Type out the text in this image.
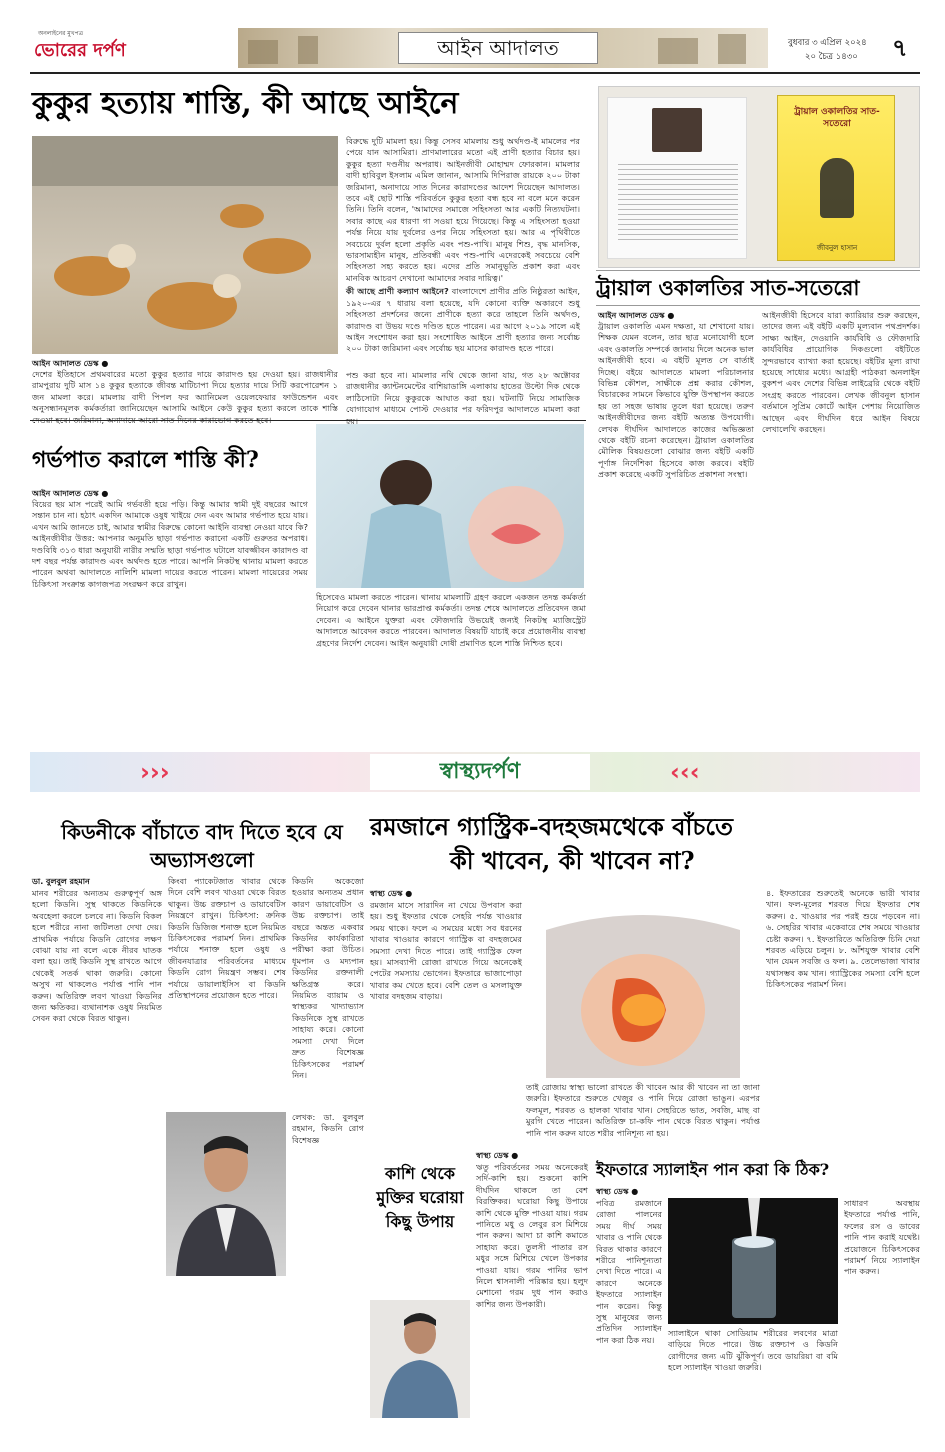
অনলাইনের মুখপত্র
ভোরের দর্পণ	আইন আদালত	বুধবার ৩ এপ্রিল ২০২৪
২০ চৈত্র ১৪৩০ ৭
কুকুর হত্যায় শাস্তি, কী আছে আইনে
আইন আদালত ডেস্ক ●
দেশের ইতিহাসে প্রথমবারের মতো কুকুর হত্যার দায়ে কারাদণ্ড হয় দেওয়া হয়। রাজধানীর রামপুরায় দুটি মাস ১৪ কুকুর হত্যাকে জীবন্ত মাটিচাপা দিয়ে হত্যার দায়ে সিটি করপোরেশন ১ জন মামলা করে। মামলায় বাদী পিপল ফর অ্যানিমেল ওয়েলফেয়ার ফাউন্ডেশন এবং অনুসন্ধানমূলক কর্মকর্তারা জানিয়েছেন আসামি আইনে কেউ কুকুর হত্যা করলে তাকে শাস্তি

বিরুদ্ধে দুটি মামলা হয়। কিন্তু সেসব মামলায় শুধু অর্থদণ্ড-ই মামলের পর পেয়ে যান আসামিরা। প্রাণমালারের মতো এই প্রাণী হত্যার বিচার হয়। কুকুর হত্যা দণ্ডনীয় অপরাধ। আইনজীবী মোহাম্মদ ফোরকান। মামলার বাদী হাবিবুল ইসলাম এমিল জানান, আসামি দিপিরাজ রায়কে ২০০ টাকা জরিমানা, অনাদায়ে সাত দিনের কারাদণ্ডের আদেশ দিয়েছেন আদালত। তবে এই ছোট শাস্তি পরিবর্তনে কুকুর হত্যা বন্ধ হবে না বলে মনে করেন তিনি। তিনি বলেন, 'আমাদের সমাজে সহিংসতা আর একটি নিত্যঘটনা। সবার কাছে এর ধারণা গা সওয়া হয়ে গিয়েছে। কিন্তু এ সহিংসতা হওয়া পর্যন্ত নিয়ে যায় দুর্বলের ওপর নিয়ে সহিংসতা হয়। আর এ পৃথিবীতে সবচেয়ে দুর্বল হলো প্রকৃতি এবং পশু-পাখি। মানুষ শিশু, বৃদ্ধ মানসিক, ভারসাম্যহীন মানুষ, প্রতিবন্ধী এবং পশু-পাখি এদেরকেই সবচেয়ে বেশি সহিংসতা সহ্য করতে হয়। এদের প্রতি সমানুভূতি প্রকাশ করা এবং মানবিক আচরণ দেখানো আমাদের সবার দায়িত্ব।'

কী আছে প্রাণী কল্যাণ আইনে? বাংলাদেশে প্রাণীর প্রতি নিষ্ঠুরতা আইন, ১৯২০-এর ৭ ধারায় বলা হয়েছে, যদি কোনো ব্যক্তি অকারণে শুধু সহিংসতা প্রদর্শনের জন্যে প্রাণীকে হত্যা করে তাহলে তিনি অর্থদণ্ড, কারাদণ্ড বা উভয় দণ্ডে দণ্ডিত হতে পারেন। এর আগে ২০১৯ সালে এই আইন সংশোধন করা হয়। সংশোধিত আইনে প্রাণী হত্যার জন্য সর্বোচ্চ ২০০ টাকা জরিমানা এবং সর্বোচ্চ ছয় মাসের কারাদণ্ড হতে পারে।

পশু করা হবে না। মামলার নথি থেকে জানা যায়, গত ২৮ অক্টোবর রাজধানীর ক্যান্টনমেন্টের বাশিয়াডাঙ্গি এলাকায় হাতের উল্টো দিক থেকে লাঠিসোটা নিয়ে কুকুরকে আঘাত করা হয়। ঘটনাটি নিয়ে সামাজিক যোগাযোগ মাধ্যমে পোস্ট দেওয়ার পর ফরিদপুর আদালতে মামলা করা
ট্রায়াল ওকালতির সাত-সতেরো
জীবনুল হাসান
ট্রায়াল ওকালতির সাত-সতেরো
আইন আদালত ডেস্ক ●
ট্রায়াল ওকালতি এমন দক্ষতা, যা শেখানো যায়। শিক্ষক যেমন বলেন, তার ছাত্র মনোযোগী হলে এবং ওকালতি সম্পর্কে জানায় দিলে অনেক ভাল আইনজীবী হবে। এ বইটি মূলত সে বার্তাই দিচ্ছে। বইয়ে আদালতে মামলা পরিচালনার বিভিন্ন কৌশল, সাক্ষীকে প্রশ্ন করার কৌশল, বিচারকের সামনে কিভাবে যুক্তি উপস্থাপন করতে হয় তা সহজ ভাষায় তুলে ধরা হয়েছে। তরুণ আইনজীবীদের জন্য বইটি অত্যন্ত উপযোগী। লেখক দীর্ঘদিন আদালতে কাজের অভিজ্ঞতা থেকে বইটি রচনা করেছেন। ট্রায়াল ওকালতির মৌলিক বিষয়গুলো বোঝার জন্য বইটি একটি পূর্ণাঙ্গ নির্দেশিকা হিসেবে কাজ করবে। বইটি প্রকাশ করেছে একটি সুপরিচিত প্রকাশনা সংস্থা।
আইনজীবী হিসেবে যারা ক্যারিয়ার শুরু করছেন, তাদের জন্য এই বইটি একটি মূল্যবান পথপ্রদর্শক। সাক্ষ্য আইন, দেওয়ানি কার্যবিধি ও ফৌজদারি কার্যবিধির প্রায়োগিক দিকগুলো বইটিতে সুন্দরভাবে ব্যাখ্যা করা হয়েছে। বইটির মূল্য রাখা হয়েছে সাধ্যের মধ্যে। আগ্রহী পাঠকরা অনলাইন বুকশপ এবং দেশের বিভিন্ন লাইব্রেরি থেকে বইটি সংগ্রহ করতে পারবেন। লেখক জীবনুল হাসান বর্তমানে সুপ্রিম কোর্টে আইন পেশায় নিয়োজিত আছেন এবং দীর্ঘদিন ধরে আইন বিষয়ে লেখালেখি করছেন।
গর্ভপাত করালে শাস্তি কী?
আইন আদালত ডেস্ক ●
বিয়ের ছয় মাস পরেই আমি গর্ভবতী হয়ে পড়ি। কিন্তু আমার স্বামী দুই বছরের আগে সন্তান চান না। হঠাৎ একদিন আমাকে ওষুধ খাইয়ে দেন এবং আমার গর্ভপাত হয়ে যায়। এখন আমি জানতে চাই, আমার স্বামীর বিরুদ্ধে কোনো আইনি ব্যবস্থা নেওয়া যাবে কি? আইনজীবীর উত্তর: আপনার অনুমতি ছাড়া গর্ভপাত করানো একটি গুরুতর অপরাধ। দণ্ডবিধি ৩১৩ ধারা অনুযায়ী নারীর সম্মতি ছাড়া গর্ভপাত ঘটালে যাবজ্জীবন কারাদণ্ড বা দশ বছর পর্যন্ত কারাদণ্ড এবং অর্থদণ্ড হতে পারে। আপনি নিকটস্থ থানায় মামলা করতে পারেন অথবা আদালতে নালিশি মামলা দায়ের করতে পারেন। মামলা দায়েরের সময় চিকিৎসা সংক্রান্ত কাগজপত্র সংরক্ষণ করে রাখুন।
হিসেবেও মামলা করতে পারেন। থানায় মামলাটি গ্রহণ করলে একজন তদন্ত কর্মকর্তা নিয়োগ করে দেবেন থানার ভারপ্রাপ্ত কর্মকর্তা। তদন্ত শেষে আদালতে প্রতিবেদন জমা দেবেন। এ আইনে যুক্তরা এবং ফৌজদারি উভয়েই জন্যই নিকটস্থ ম্যাজিস্ট্রেট আদালতে আবেদন করতে পারবেন। আদালত বিষয়টি যাচাই করে প্রয়োজনীয় ব্যবস্থা গ্রহণের নির্দেশ দেবেন। আইন অনুযায়ী দোষী প্রমাণিত হলে শাস্তি নিশ্চিত হবে।
›››	‹‹‹
স্বাস্থ্যদর্পণ
কিডনীকে বাঁচাতে বাদ দিতে হবে যে অভ্যাসগুলো
ডা. বুলবুল রহমান
মানব শরীরের অন্যতম গুরুত্বপূর্ণ অঙ্গ হলো কিডনি। সুস্থ থাকতে কিডনিকে অবহেলা করলে চলবে না। কিডনি বিকল হলে শরীরে নানা জটিলতা দেখা দেয়। প্রাথমিক পর্যায়ে কিডনি রোগের লক্ষণ বোঝা যায় না বলে একে নীরব ঘাতক বলা হয়। তাই কিডনি সুস্থ রাখতে আগে থেকেই সতর্ক থাকা জরুরি। কোনো অসুখ না থাকলেও পর্যাপ্ত পানি পান করুন। অতিরিক্ত লবণ খাওয়া কিডনির জন্য ক্ষতিকর। ব্যথানাশক ওষুধ নিয়মিত সেবন করা থেকে বিরত থাকুন।
কিংবা প্যাকেটজাত খাবার থেকে দিনে বেশি লবণ খাওয়া থেকে বিরত থাকুন। উচ্চ রক্তচাপ ও ডায়াবেটিস নিয়ন্ত্রণে রাখুন। চিকিৎসা: ক্রনিক কিডনি ডিজিজ শনাক্ত হলে নিয়মিত চিকিৎসকের পরামর্শ নিন। প্রাথমিক পর্যায়ে শনাক্ত হলে ওষুধ ও জীবনযাত্রার পরিবর্তনের মাধ্যমে কিডনি রোগ নিয়ন্ত্রণ সম্ভব। শেষ পর্যায়ে ডায়ালাইসিস বা কিডনি প্রতিস্থাপনের প্রয়োজন হতে পারে।
কিডনি অকেজো হওয়ার অন্যতম প্রধান কারণ ডায়াবেটিস ও উচ্চ রক্তচাপ। তাই বছরে অন্তত একবার কিডনির কার্যকারিতা পরীক্ষা করা উচিত। ধূমপান ও মদ্যপান কিডনির রক্তনালী ক্ষতিগ্রস্ত করে। নিয়মিত ব্যায়াম ও স্বাস্থ্যকর খাদ্যাভ্যাস কিডনিকে সুস্থ রাখতে সাহায্য করে। কোনো সমস্যা দেখা দিলে দ্রুত বিশেষজ্ঞ চিকিৎসকের পরামর্শ নিন।
লেখক: ডা. বুলবুল রহমান, কিডনি রোগ বিশেষজ্ঞ
রমজানে গ্যাস্ট্রিক-বদহজমথেকে বাঁচতে
কী খাবেন, কী খাবেন না?
স্বাস্থ্য ডেস্ক ●
রমজান মাসে সারাদিন না খেয়ে উপবাস করা হয়। শুধু ইফতার থেকে সেহরি পর্যন্ত খাওয়ার সময় থাকে। ফলে এ সময়ের মধ্যে সব ধরনের খাবার খাওয়ার কারণে গ্যাস্ট্রিক বা বদহজমের সমস্যা দেখা দিতে পারে। তাই গ্যাস্ট্রিক ফেল হয়। মাসব্যাপী রোজা রাখতে গিয়ে অনেকেই পেটের সমস্যায় ভোগেন। ইফতারে ভাজাপোড়া খাবার কম খেতে হবে। বেশি তেল ও মসলাযুক্ত খাবার বদহজম বাড়ায়।
তাই রোজায় স্বাস্থ্য ভালো রাখতে কী খাবেন আর কী খাবেন না তা জানা জরুরি। ইফতারে শুরুতে খেজুর ও পানি দিয়ে রোজা ভাঙুন। এরপর ফলমূল, শরবত ও হালকা খাবার খান। সেহরিতে ভাত, সবজি, মাছ বা মুরগি খেতে পারেন। অতিরিক্ত চা-কফি পান থেকে বিরত থাকুন। পর্যাপ্ত পানি পান করুন যাতে শরীর পানিশূন্য না হয়।
৪. ইফতারের শুরুতেই অনেকে ভারী খাবার খান। ফল-মূলের শরবত দিয়ে ইফতার শেষ করুন। ৫. খাওয়ার পর পরই শুয়ে পড়বেন না। ৬. সেহরির খাবার একেবারে শেষ সময়ে খাওয়ার চেষ্টা করুন। ৭. ইফতারিতে অতিরিক্ত চিনি দেয়া শরবত এড়িয়ে চলুন। ৮. আঁশযুক্ত খাবার বেশি খান যেমন সবজি ও ফল। ৯. তেলেভাজা খাবার যথাসম্ভব কম খান। গ্যাস্ট্রিকের সমস্যা বেশি হলে চিকিৎসকের পরামর্শ নিন।
কাশি থেকে মুক্তির ঘরোয়া কিছু উপায়
স্বাস্থ্য ডেস্ক ●
ঋতু পরিবর্তনের সময় অনেকেরই সর্দি-কাশি হয়। শুকনো কাশি দীর্ঘদিন থাকলে তা বেশ বিরক্তিকর। ঘরোয়া কিছু উপায়ে কাশি থেকে মুক্তি পাওয়া যায়। গরম পানিতে মধু ও লেবুর রস মিশিয়ে পান করুন। আদা চা কাশি কমাতে সাহায্য করে। তুলসী পাতার রস মধুর সঙ্গে মিশিয়ে খেলে উপকার পাওয়া যায়। গরম পানির ভাপ নিলে শ্বাসনালী পরিষ্কার হয়। হলুদ মেশানো গরম দুধ পান করাও কাশির জন্য উপকারী।
ইফতারে স্যালাইন পান করা কি ঠিক?
স্বাস্থ্য ডেস্ক ●
পবিত্র রমজানে রোজা পালনের সময় দীর্ঘ সময় খাবার ও পানি থেকে বিরত থাকার কারণে শরীরে পানিশূন্যতা দেখা দিতে পারে। এ কারণে অনেকে ইফতারে স্যালাইন পান করেন। কিন্তু সুস্থ মানুষের জন্য প্রতিদিন স্যালাইন পান করা ঠিক নয়।
স্যালাইনে থাকা সোডিয়াম শরীরের লবণের মাত্রা বাড়িয়ে দিতে পারে। উচ্চ রক্তচাপ ও কিডনি রোগীদের জন্য এটি ঝুঁকিপূর্ণ। তবে ডায়রিয়া বা বমি হলে স্যালাইন খাওয়া জরুরি।
সাধারণ অবস্থায় ইফতারে পর্যাপ্ত পানি, ফলের রস ও ডাবের পানি পান করাই যথেষ্ট। প্রয়োজনে চিকিৎসকের পরামর্শ নিয়ে স্যালাইন পান করুন।
